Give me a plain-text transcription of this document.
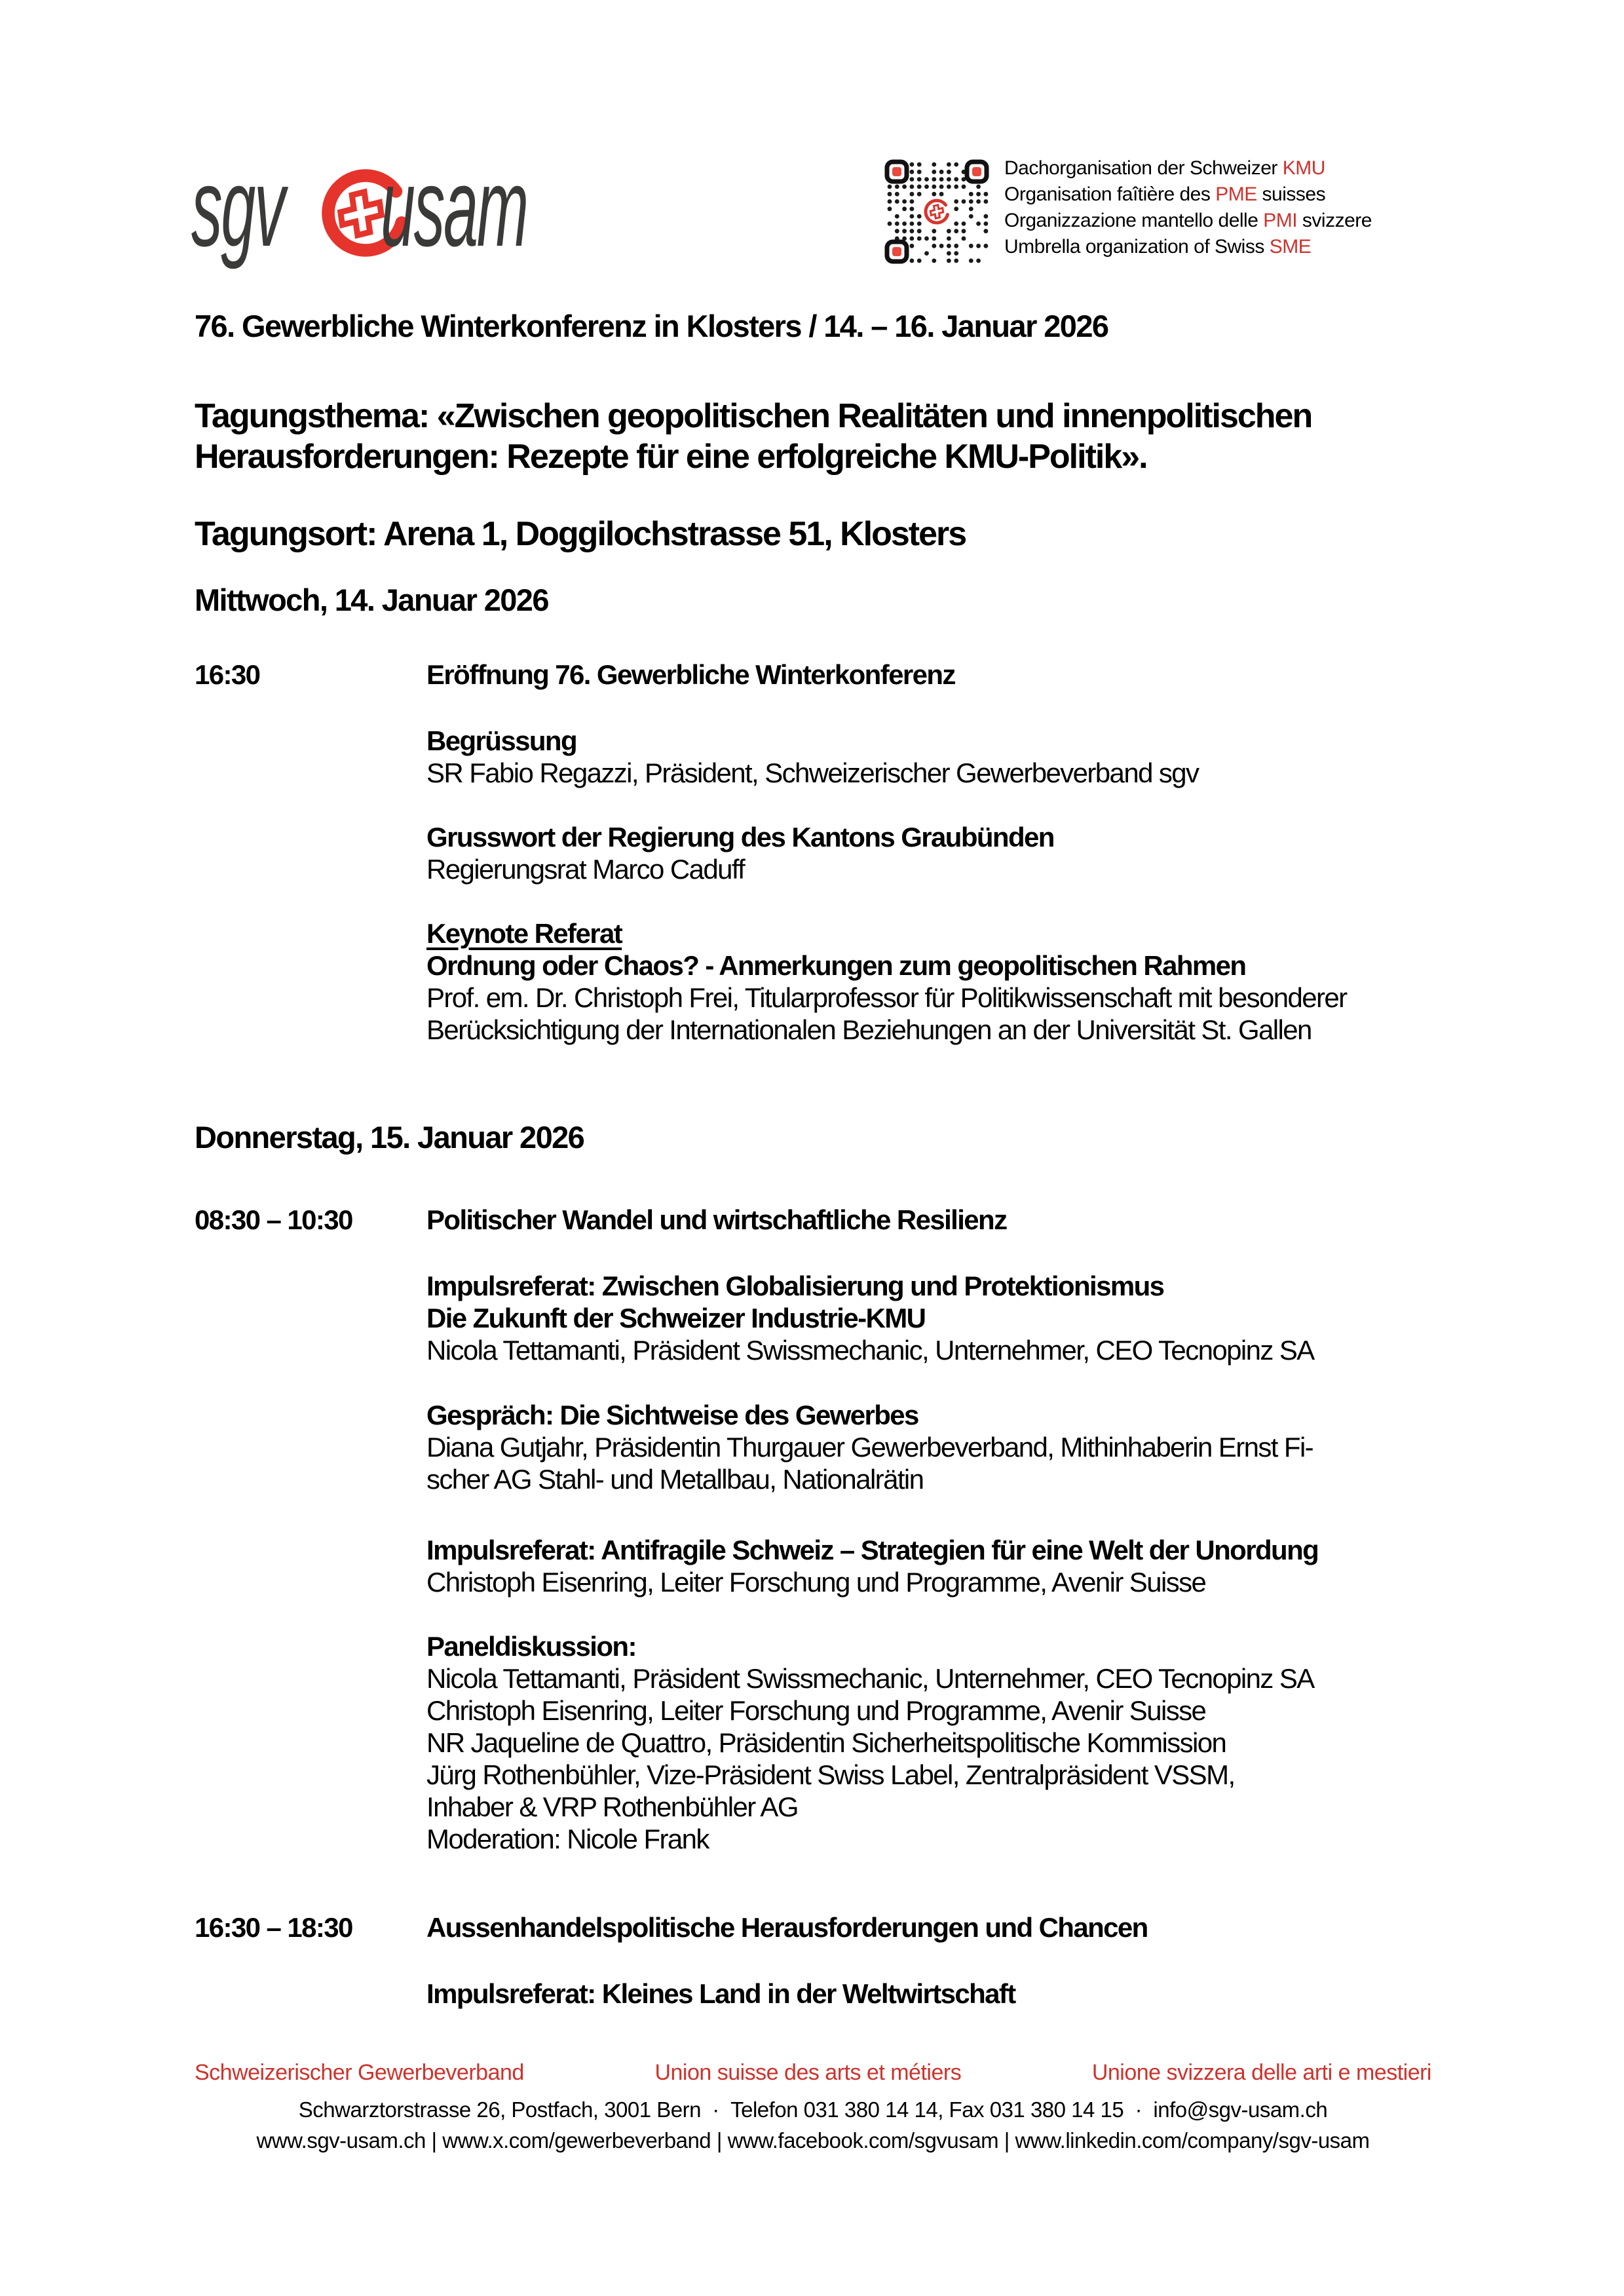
sgv usam	Dachorganisation der Schweizer KMU
Organisation faîtière des PME suisses
Organizzazione mantello delle PMI svizzere
Umbrella organization of Swiss SME
76. Gewerbliche Winterkonferenz in Klosters / 14. – 16. Januar 2026
Tagungsthema: «Zwischen geopolitischen Realitäten und innenpolitischen
Herausforderungen: Rezepte für eine erfolgreiche KMU-Politik».
Tagungsort: Arena 1, Doggilochstrasse 51, Klosters
Mittwoch, 14. Januar 2026
16:30	Eröffnung 76. Gewerbliche Winterkonferenz
Begrüssung
SR Fabio Regazzi, Präsident, Schweizerischer Gewerbeverband sgv
Grusswort der Regierung des Kantons Graubünden
Regierungsrat Marco Caduff
Keynote Referat
Ordnung oder Chaos? - Anmerkungen zum geopolitischen Rahmen
Prof. em. Dr. Christoph Frei, Titularprofessor für Politikwissenschaft mit besonderer
Berücksichtigung der Internationalen Beziehungen an der Universität St. Gallen
Donnerstag, 15. Januar 2026
08:30 – 10:30	Politischer Wandel und wirtschaftliche Resilienz
Impulsreferat: Zwischen Globalisierung und Protektionismus
Die Zukunft der Schweizer Industrie-KMU
Nicola Tettamanti, Präsident Swissmechanic, Unternehmer, CEO Tecnopinz SA
Gespräch: Die Sichtweise des Gewerbes
Diana Gutjahr, Präsidentin Thurgauer Gewerbeverband, Mithinhaberin Ernst Fi-
scher AG Stahl- und Metallbau, Nationalrätin
Impulsreferat: Antifragile Schweiz – Strategien für eine Welt der Unordung
Christoph Eisenring, Leiter Forschung und Programme, Avenir Suisse
Paneldiskussion:
Nicola Tettamanti, Präsident Swissmechanic, Unternehmer, CEO Tecnopinz SA
Christoph Eisenring, Leiter Forschung und Programme, Avenir Suisse
NR Jaqueline de Quattro, Präsidentin Sicherheitspolitische Kommission
Jürg Rothenbühler, Vize-Präsident Swiss Label, Zentralpräsident VSSM,
Inhaber & VRP Rothenbühler AG
Moderation: Nicole Frank
16:30 – 18:30	Aussenhandelspolitische Herausforderungen und Chancen
Impulsreferat: Kleines Land in der Weltwirtschaft
Schweizerischer Gewerbeverband	Union suisse des arts et métiers	Unione svizzera delle arti e mestieri
Schwarztorstrasse 26, Postfach, 3001 Bern  ·  Telefon 031 380 14 14, Fax 031 380 14 15  ·  info@sgv-usam.ch
www.sgv-usam.ch | www.x.com/gewerbeverband | www.facebook.com/sgvusam | www.linkedin.com/company/sgv-usam
